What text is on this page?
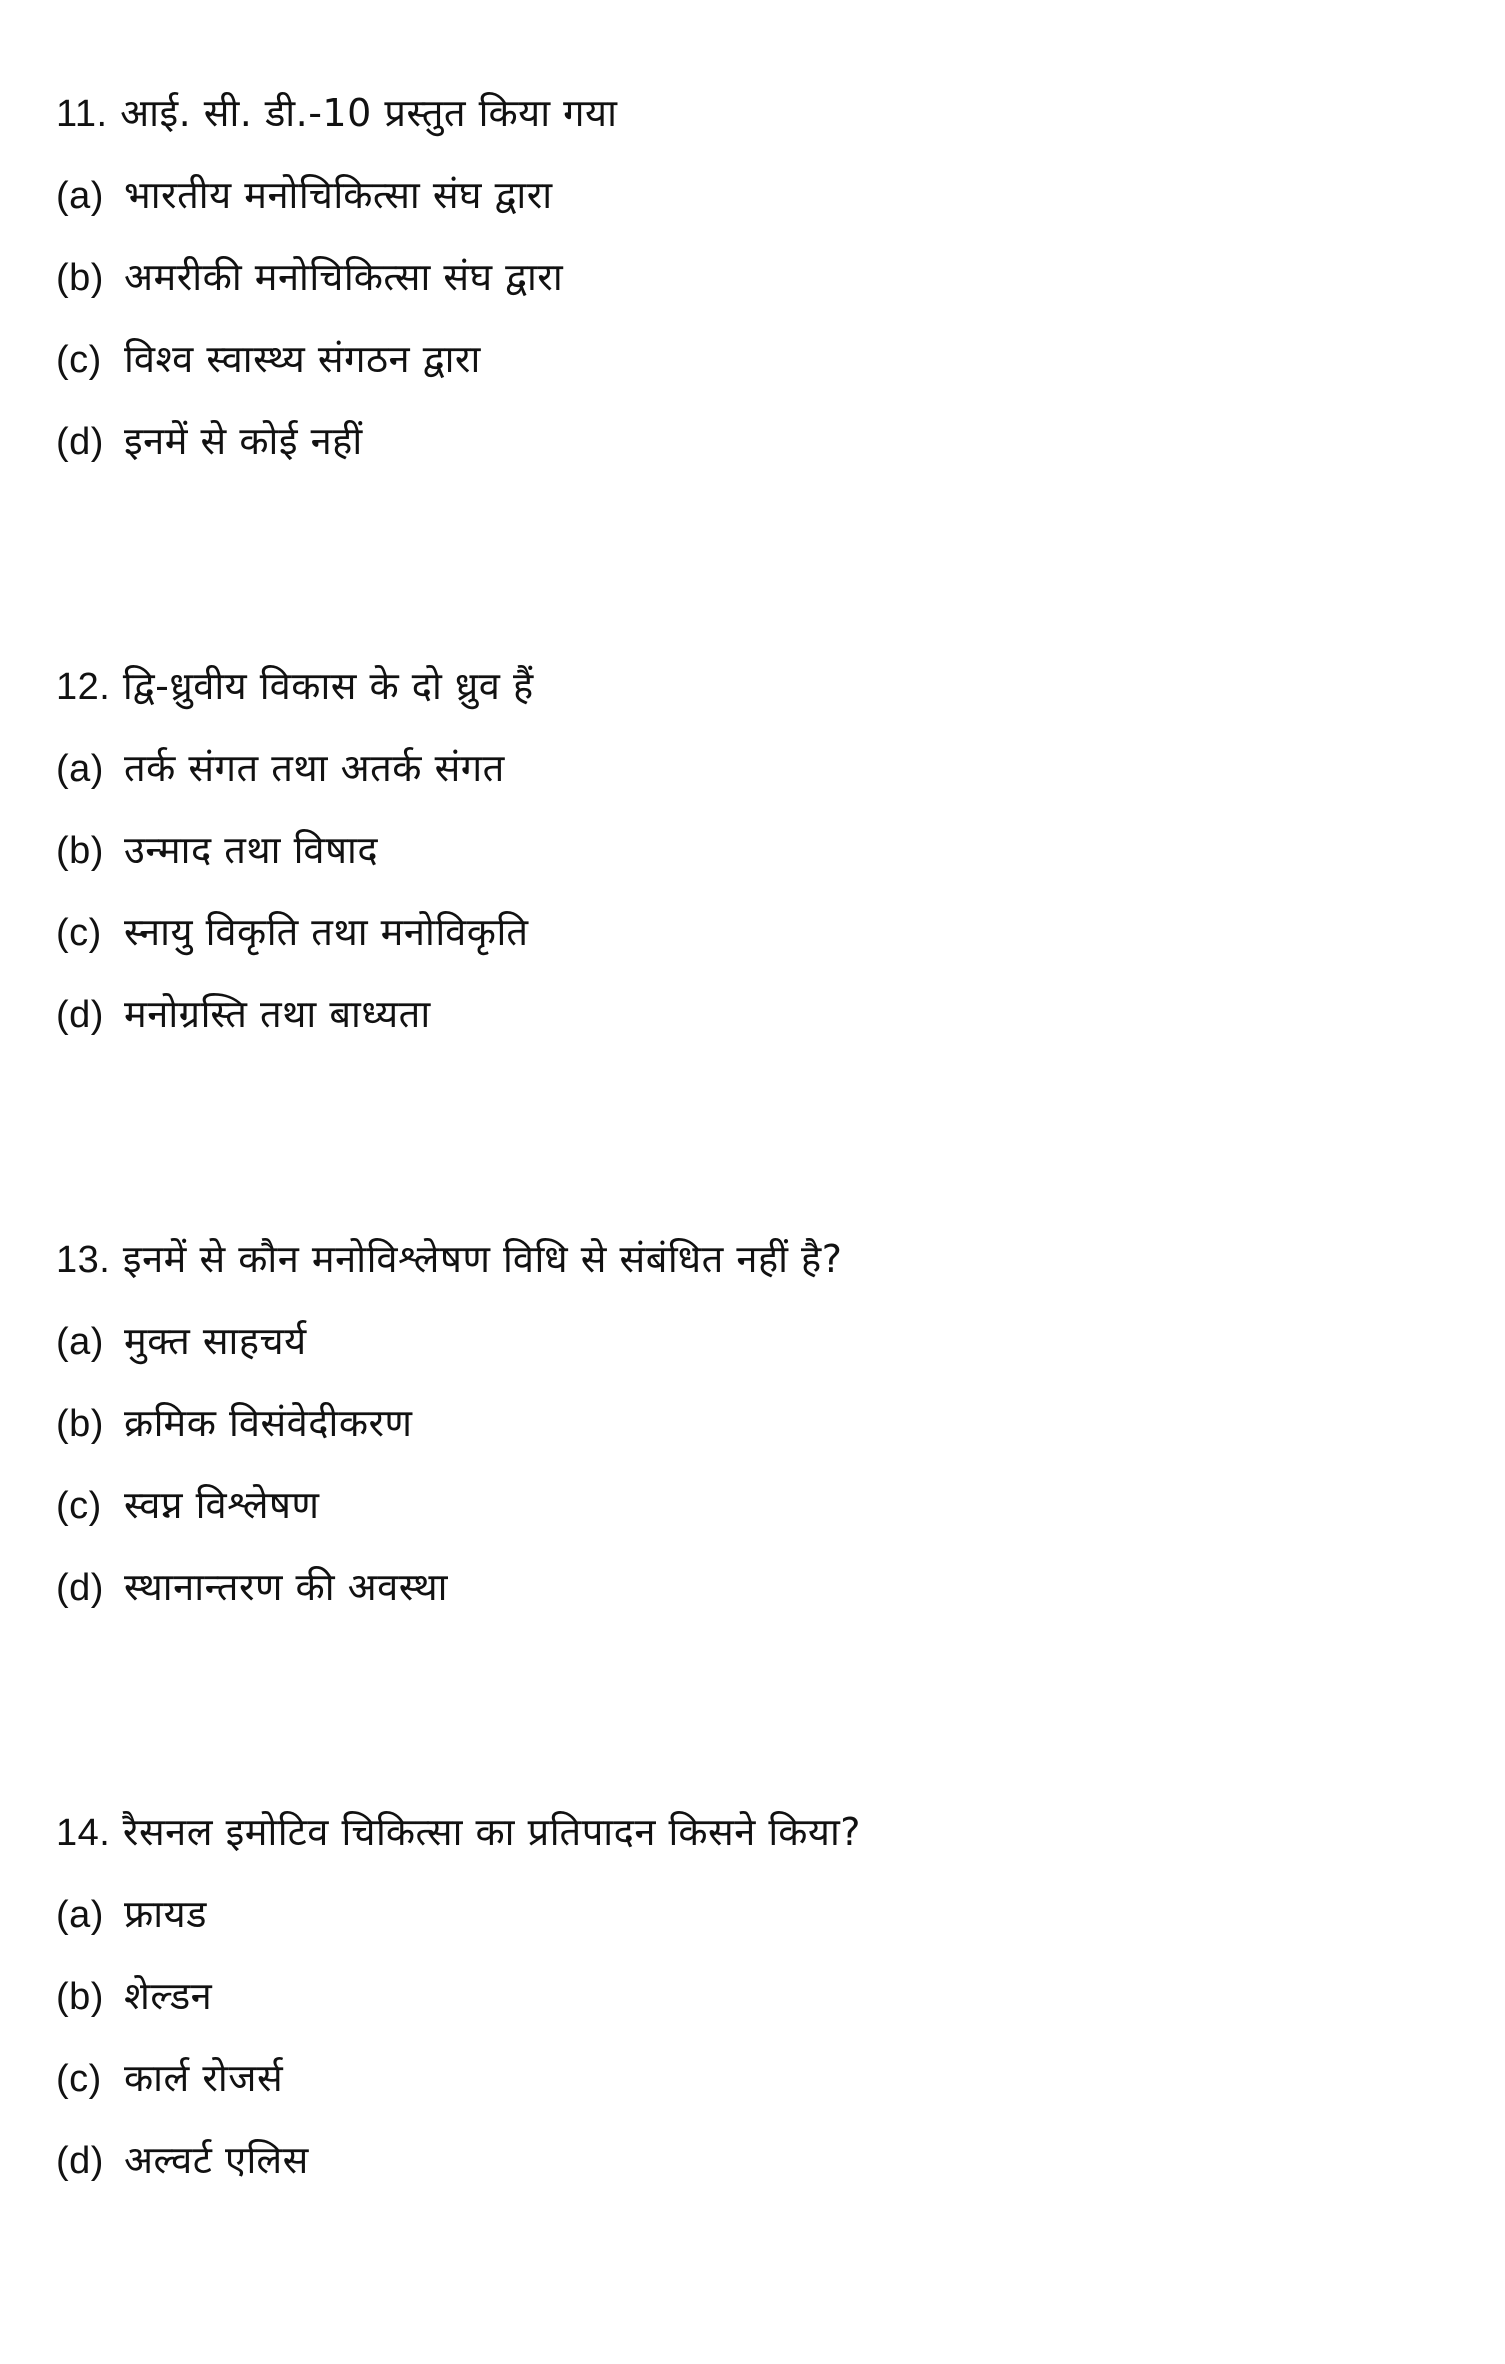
11. आई. सी. डी.-10 प्रस्तुत किया गया
(a) भारतीय मनोचिकित्सा संघ द्वारा
(b) अमरीकी मनोचिकित्सा संघ द्वारा
(c) विश्व स्वास्थ्य संगठन द्वारा
(d) इनमें से कोई नहीं
12. द्वि-ध्रुवीय विकास के दो ध्रुव हैं
(a) तर्क संगत तथा अतर्क संगत
(b) उन्माद तथा विषाद
(c) स्नायु विकृति तथा मनोविकृति
(d) मनोग्रस्ति तथा बाध्यता
13. इनमें से कौन मनोविश्लेषण विधि से संबंधित नहीं है?
(a) मुक्त साहचर्य
(b) क्रमिक विसंवेदीकरण
(c) स्वप्न विश्लेषण
(d) स्थानान्तरण की अवस्था
14. रैसनल इमोटिव चिकित्सा का प्रतिपादन किसने किया?
(a) फ्रायड
(b) शेल्डन
(c) कार्ल रोजर्स
(d) अल्वर्ट एलिस
